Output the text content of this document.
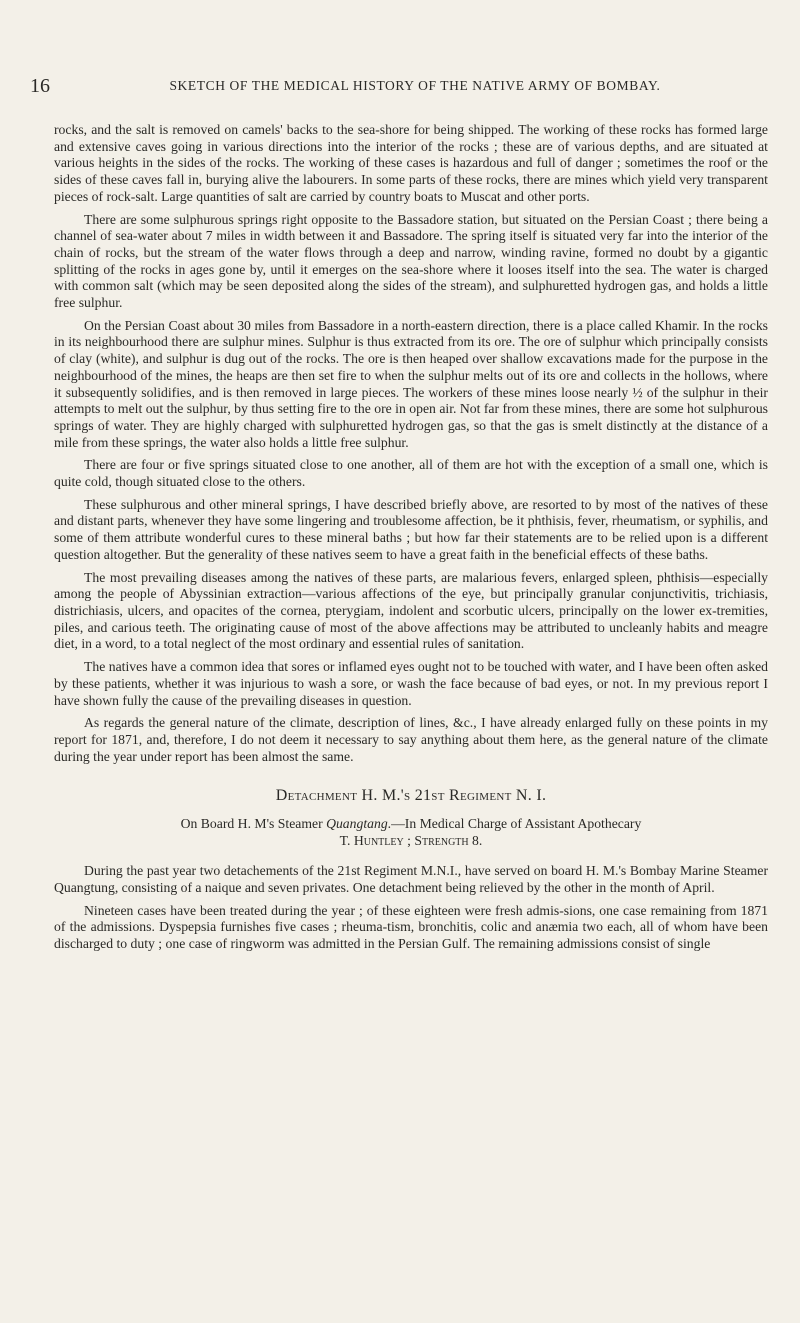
16	SKETCH OF THE MEDICAL HISTORY OF THE NATIVE ARMY OF BOMBAY.

rocks, and the salt is removed on camels' backs to the sea-shore for being shipped. The working of these rocks has formed large and extensive caves going in various directions into the interior of the rocks ; these are of various depths, and are situated at various heights in the sides of the rocks. The working of these cases is hazardous and full of danger ; sometimes the roof or the sides of these caves fall in, burying alive the labourers. In some parts of these rocks, there are mines which yield very transparent pieces of rock-salt. Large quantities of salt are carried by country boats to Muscat and other ports.

There are some sulphurous springs right opposite to the Bassadore station, but situated on the Persian Coast ; there being a channel of sea-water about 7 miles in width between it and Bassadore. The spring itself is situated very far into the interior of the chain of rocks, but the stream of the water flows through a deep and narrow, winding ravine, formed no doubt by a gigantic splitting of the rocks in ages gone by, until it emerges on the sea-shore where it looses itself into the sea. The water is charged with common salt (which may be seen deposited along the sides of the stream), and sulphuretted hydrogen gas, and holds a little free sulphur.

On the Persian Coast about 30 miles from Bassadore in a north-eastern direction, there is a place called Khamir. In the rocks in its neighbourhood there are sulphur mines. Sulphur is thus extracted from its ore. The ore of sulphur which principally consists of clay (white), and sulphur is dug out of the rocks. The ore is then heaped over shallow excavations made for the purpose in the neighbourhood of the mines, the heaps are then set fire to when the sulphur melts out of its ore and collects in the hollows, where it subsequently solidifies, and is then removed in large pieces. The workers of these mines loose nearly ½ of the sulphur in their attempts to melt out the sulphur, by thus setting fire to the ore in open air. Not far from these mines, there are some hot sulphurous springs of water. They are highly charged with sulphuretted hydrogen gas, so that the gas is smelt distinctly at the distance of a mile from these springs, the water also holds a little free sulphur.

There are four or five springs situated close to one another, all of them are hot with the exception of a small one, which is quite cold, though situated close to the others.

These sulphurous and other mineral springs, I have described briefly above, are resorted to by most of the natives of these and distant parts, whenever they have some lingering and troublesome affection, be it phthisis, fever, rheumatism, or syphilis, and some of them attribute wonderful cures to these mineral baths ; but how far their statements are to be relied upon is a different question altogether. But the generality of these natives seem to have a great faith in the beneficial effects of these baths.

The most prevailing diseases among the natives of these parts, are malarious fevers, enlarged spleen, phthisis—especially among the people of Abyssinian extraction—various affections of the eye, but principally granular conjunctivitis, trichiasis, districhiasis, ulcers, and opacites of the cornea, pterygiam, indolent and scorbutic ulcers, principally on the lower ex-tremities, piles, and carious teeth. The originating cause of most of the above affections may be attributed to uncleanly habits and meagre diet, in a word, to a total neglect of the most ordinary and essential rules of sanitation.

The natives have a common idea that sores or inflamed eyes ought not to be touched with water, and I have been often asked by these patients, whether it was injurious to wash a sore, or wash the face because of bad eyes, or not. In my previous report I have shown fully the cause of the prevailing diseases in question.

As regards the general nature of the climate, description of lines, &c., I have already enlarged fully on these points in my report for 1871, and, therefore, I do not deem it necessary to say anything about them here, as the general nature of the climate during the year under report has been almost the same.

Detachment H. M.'s 21st Regiment N. I.
On Board H. M's Steamer Quangtang.—In Medical Charge of Assistant Apothecary
T. Huntley ; Strength 8.

During the past year two detachements of the 21st Regiment M.N.I., have served on board H. M.'s Bombay Marine Steamer Quangtung, consisting of a naique and seven privates. One detachment being relieved by the other in the month of April.

Nineteen cases have been treated during the year ; of these eighteen were fresh admis-sions, one case remaining from 1871 of the admissions. Dyspepsia furnishes five cases ; rheuma-tism, bronchitis, colic and anæmia two each, all of whom have been discharged to duty ; one case of ringworm was admitted in the Persian Gulf. The remaining admissions consist of single
